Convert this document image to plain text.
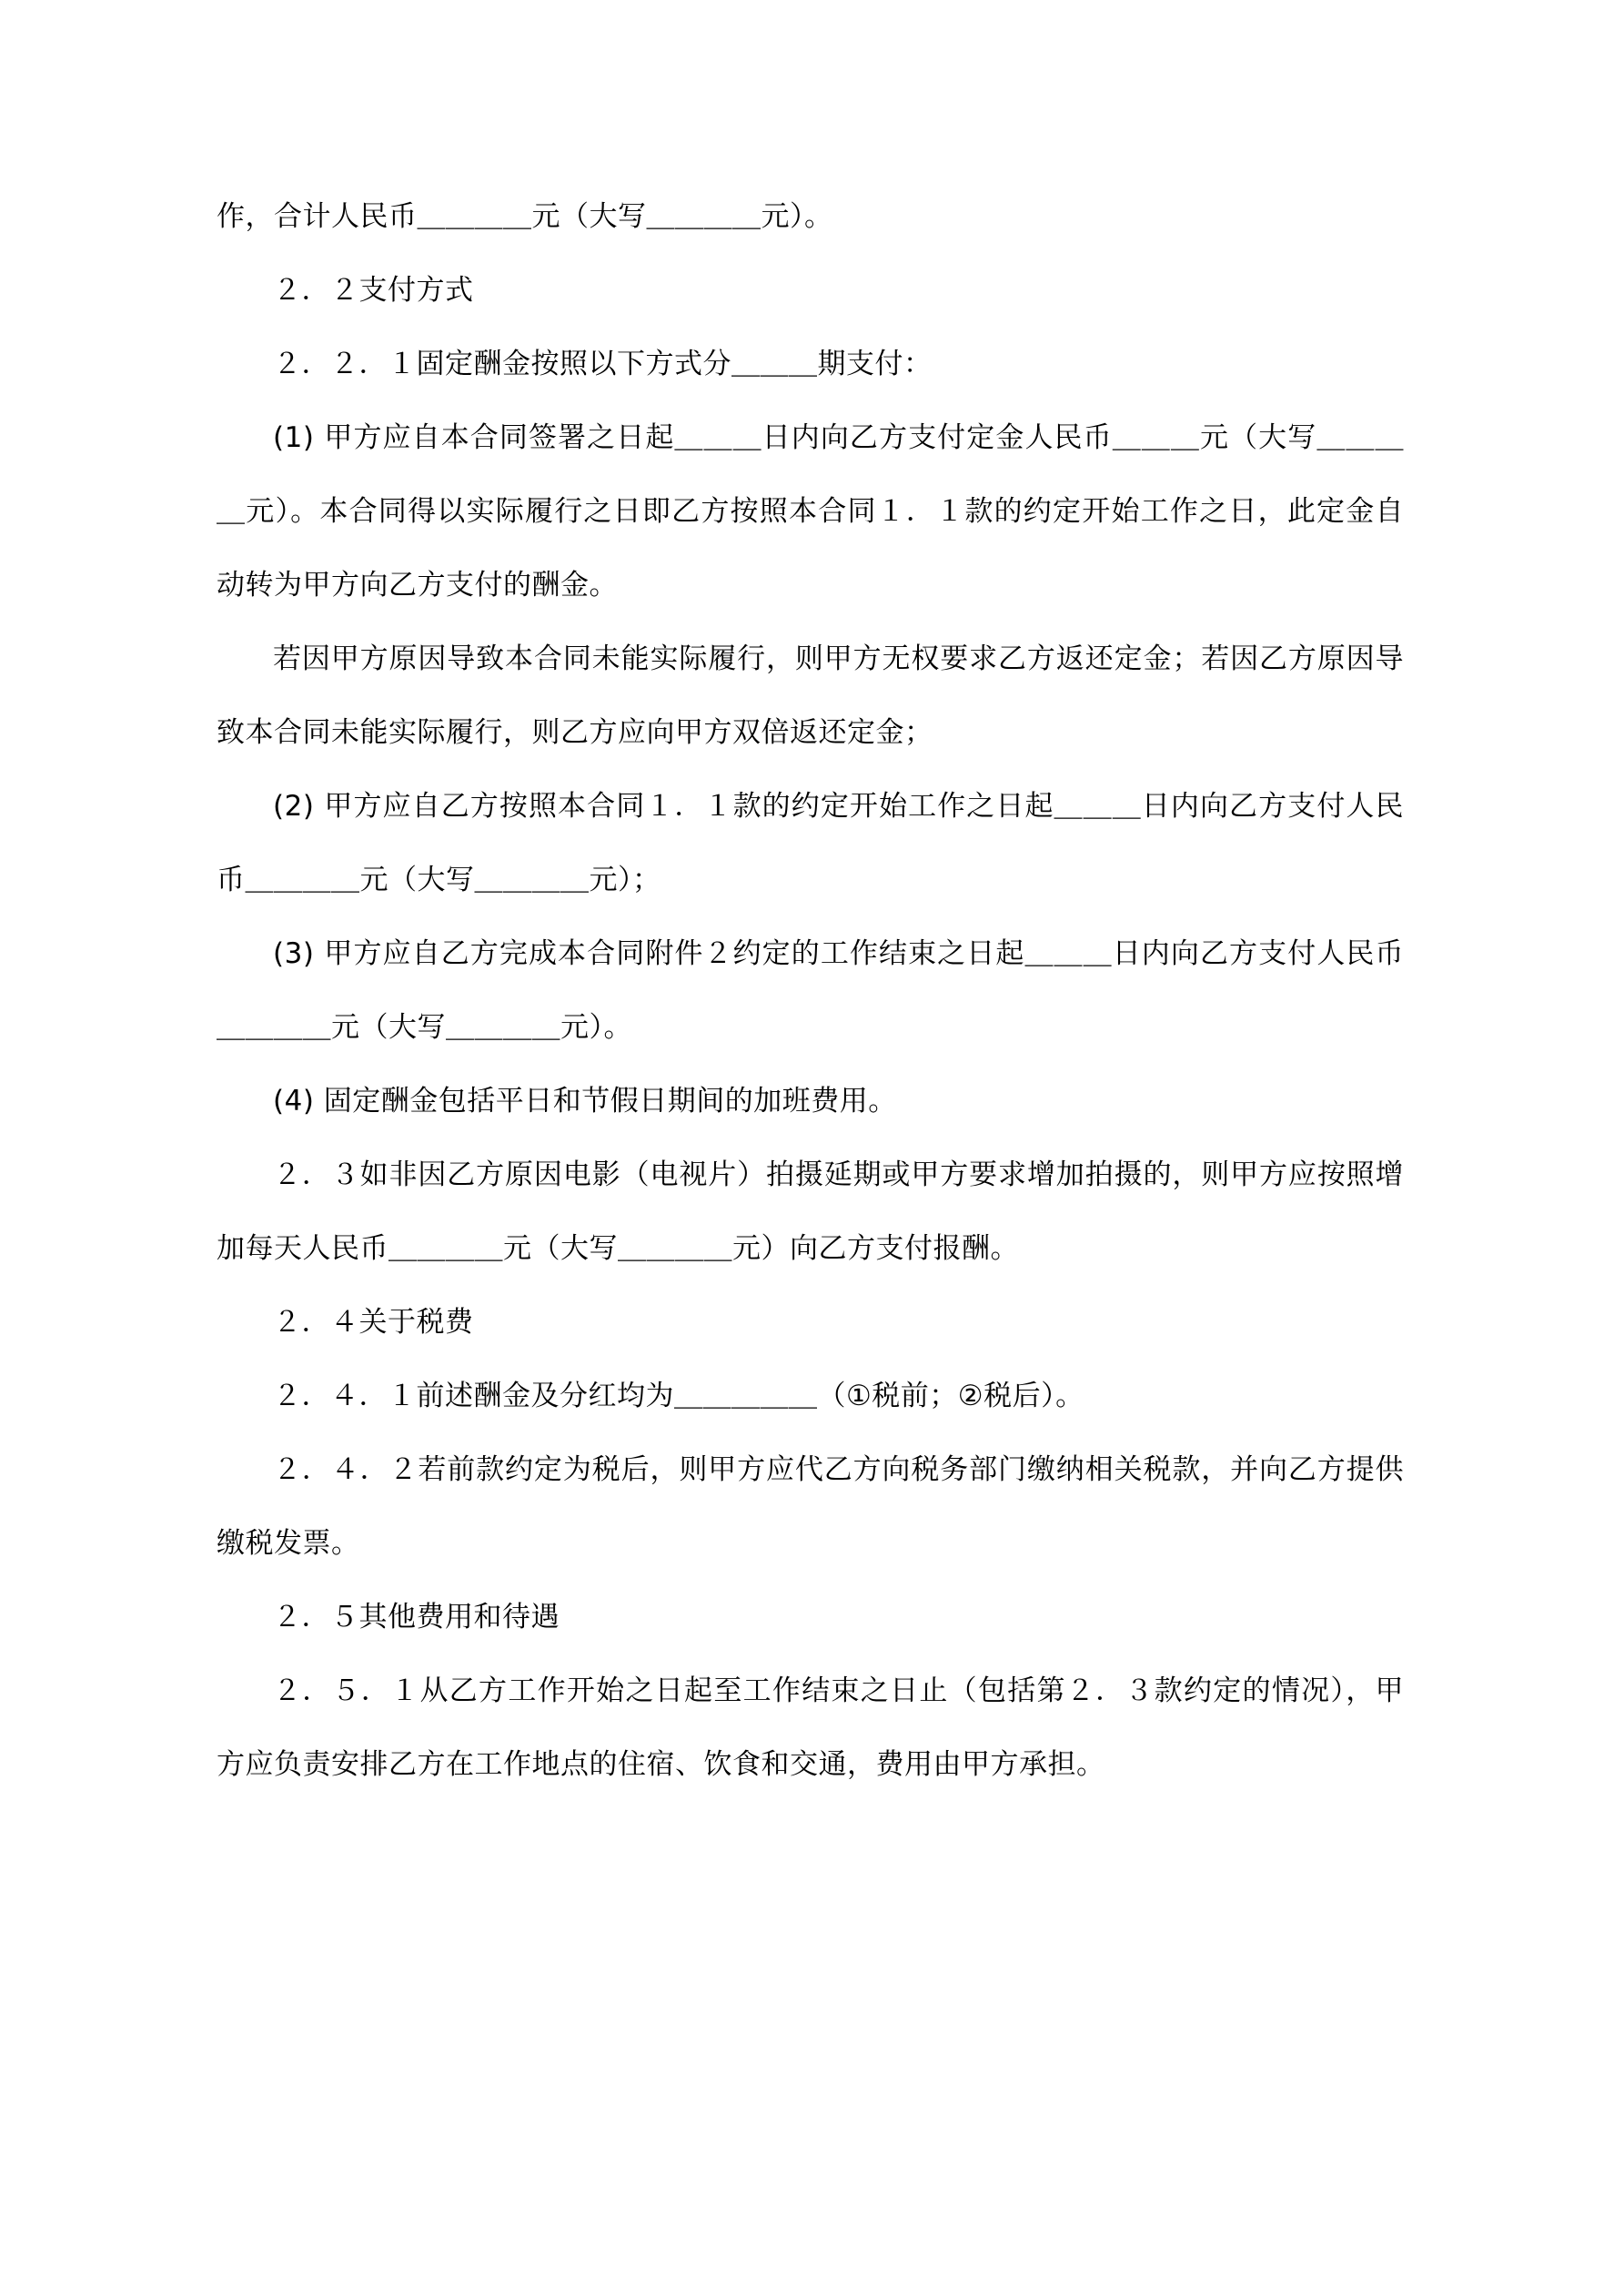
作，合计人民币＿＿＿＿元（大写＿＿＿＿元）。

２．２支付方式

２．２．１固定酬金按照以下方式分＿＿＿期支付：

(1) 甲方应自本合同签署之日起＿＿＿日内向乙方支付定金人民币＿＿＿元（大写＿＿＿＿元）。本合同得以实际履行之日即乙方按照本合同１．１款的约定开始工作之日，此定金自动转为甲方向乙方支付的酬金。

若因甲方原因导致本合同未能实际履行，则甲方无权要求乙方返还定金；若因乙方原因导致本合同未能实际履行，则乙方应向甲方双倍返还定金；

(2) 甲方应自乙方按照本合同１．１款的约定开始工作之日起＿＿＿日内向乙方支付人民币＿＿＿＿元（大写＿＿＿＿元）；

(3) 甲方应自乙方完成本合同附件２约定的工作结束之日起＿＿＿日内向乙方支付人民币＿＿＿＿元（大写＿＿＿＿元）。

(4) 固定酬金包括平日和节假日期间的加班费用。

２．３如非因乙方原因电影（电视片）拍摄延期或甲方要求增加拍摄的，则甲方应按照增加每天人民币＿＿＿＿元（大写＿＿＿＿元）向乙方支付报酬。

２．４关于税费

２．４．１前述酬金及分红均为＿＿＿＿＿（①税前；②税后）。

２．４．２若前款约定为税后，则甲方应代乙方向税务部门缴纳相关税款，并向乙方提供缴税发票。

２．５其他费用和待遇

２．５．１从乙方工作开始之日起至工作结束之日止（包括第２．３款约定的情况），甲方应负责安排乙方在工作地点的住宿、饮食和交通，费用由甲方承担。
